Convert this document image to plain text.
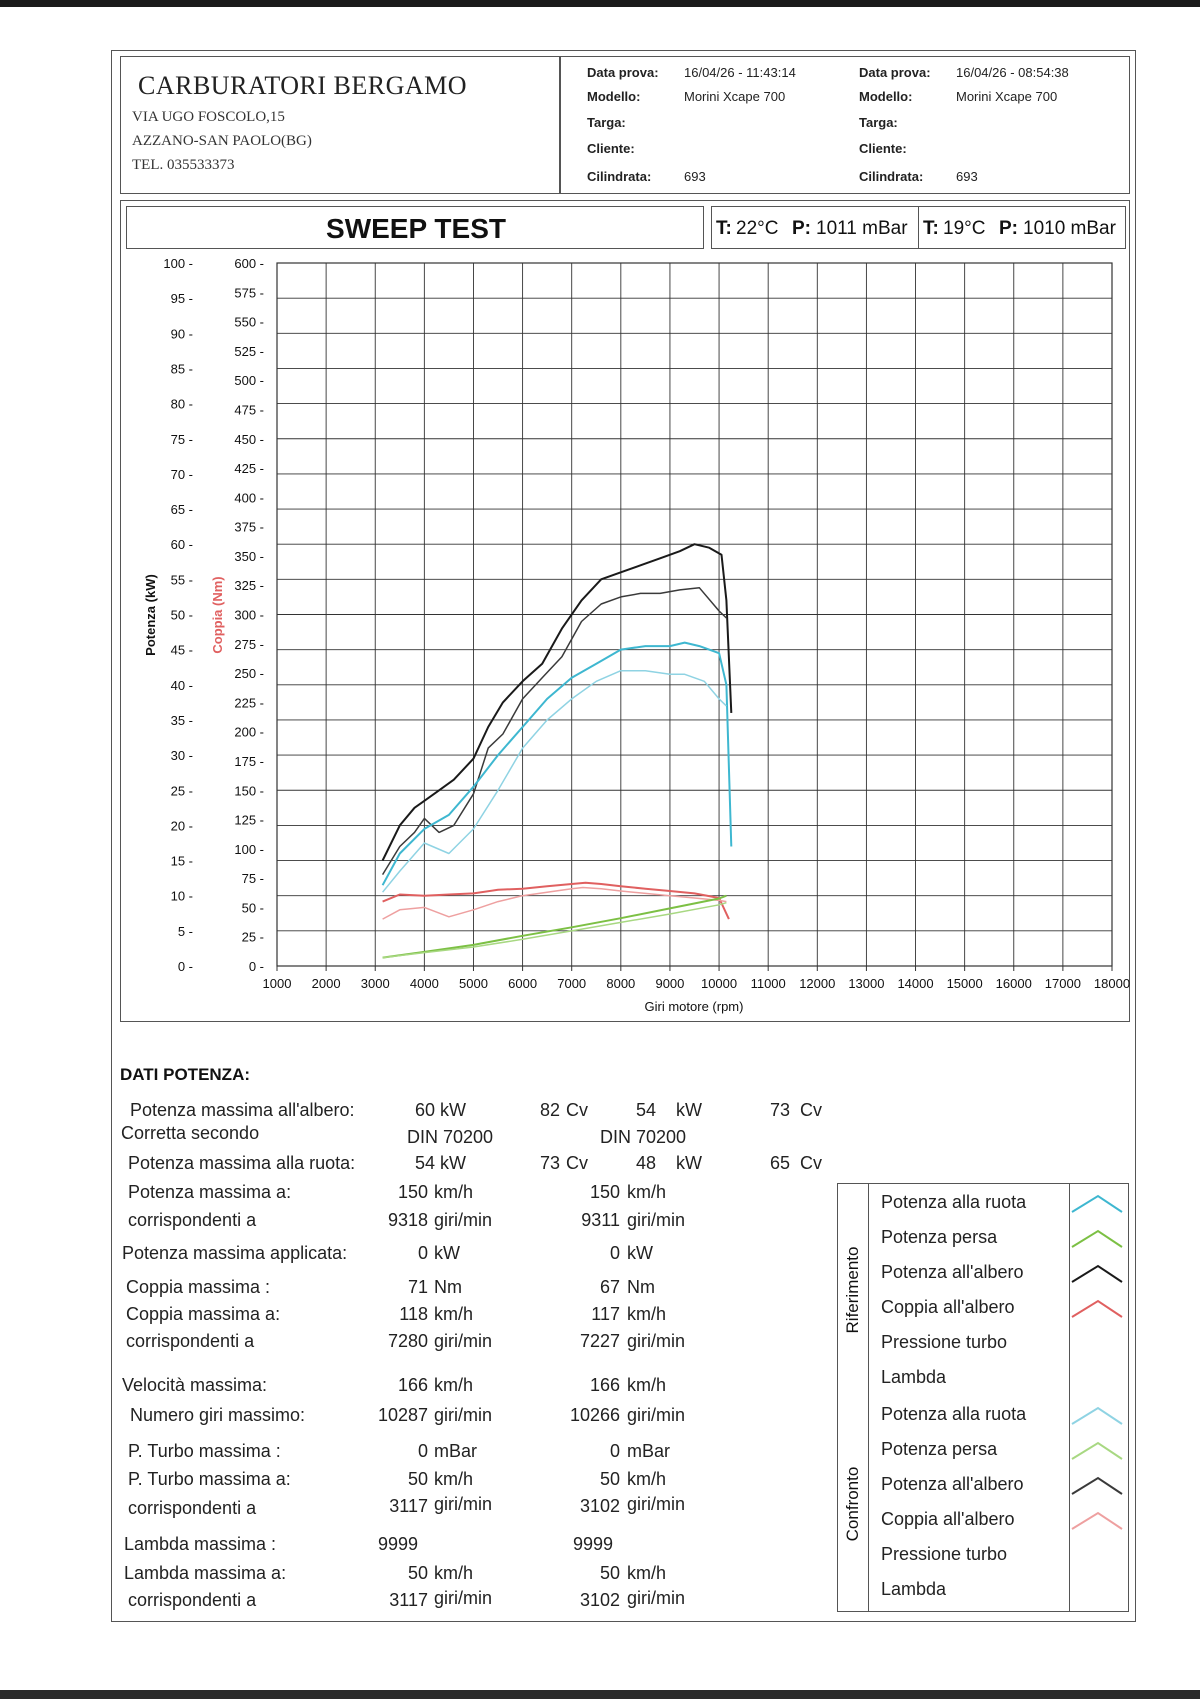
CARBURATORI BERGAMO
VIA UGO FOSCOLO,15
AZZANO-SAN PAOLO(BG)
TEL. 035533373
Data prova: 16/04/26 - 11:43:14
Modello:	Morini Xcape 700
Targa:
Cliente:
Cilindrata:	693
Data prova: 16/04/26 - 08:54:38
Modello:	Morini Xcape 700
Targa:
Cliente:
Cilindrata:	693
SWEEP TEST	T: 22°C P: 1011 mBar T: 19°C P: 1010 mBar
1000 2000 3000 4000 5000 6000 7000 8000 9000 10000 11000 12000 13000 14000 15000 16000 17000 18000
0 -
5 -
10 -
15 -
20 -
25 -
30 -
35 -
40 -
45 -
50 -
55 -
60 -
65 -
70 -
75 -
80 -
85 -
90 -
95 -
100 -
0 -
25 -
50 -
75 -
100 -
125 -
150 -
175 -
200 -
225 -
250 -
275 -
300 -
325 -
350 -
375 -
400 -
425 -
450 -
475 -
500 -
525 -
550 -
575 -
600 -
Giri motore (rpm)
Potenza (kW)	Coppia (Nm)
DATI POTENZA:
Potenza massima all'albero:	60 kW	82 Cv	54 kW	73 Cv
Corretta secondo	DIN 70200	DIN 70200
Potenza massima alla ruota:	54 kW	73 Cv	48 kW	65 Cv
Potenza massima a:	150 km/h	150 km/h
corrispondenti a	9318 giri/min	9311 giri/min
Potenza massima applicata:	0 kW	0 kW
Coppia massima :	71 Nm	67 Nm
Coppia massima a:	118 km/h	117 km/h
corrispondenti a	7280 giri/min	7227 giri/min
Velocità massima:	166 km/h	166 km/h
Numero giri massimo:	10287 giri/min	10266 giri/min
P. Turbo massima :	0 mBar	0 mBar
P. Turbo massima a:	50 km/h	50 km/h
corrispondenti a	3117 giri/min	3102 giri/min
Lambda massima :	9999	9999
Lambda massima a:	50 km/h	50 km/h
corrispondenti a	3117 giri/min	3102 giri/min
Riferimento
Confronto
Potenza alla ruota
Potenza persa
Potenza all'albero
Coppia all'albero
Pressione turbo
Lambda
Potenza alla ruota
Potenza persa
Potenza all'albero
Coppia all'albero
Pressione turbo
Lambda
